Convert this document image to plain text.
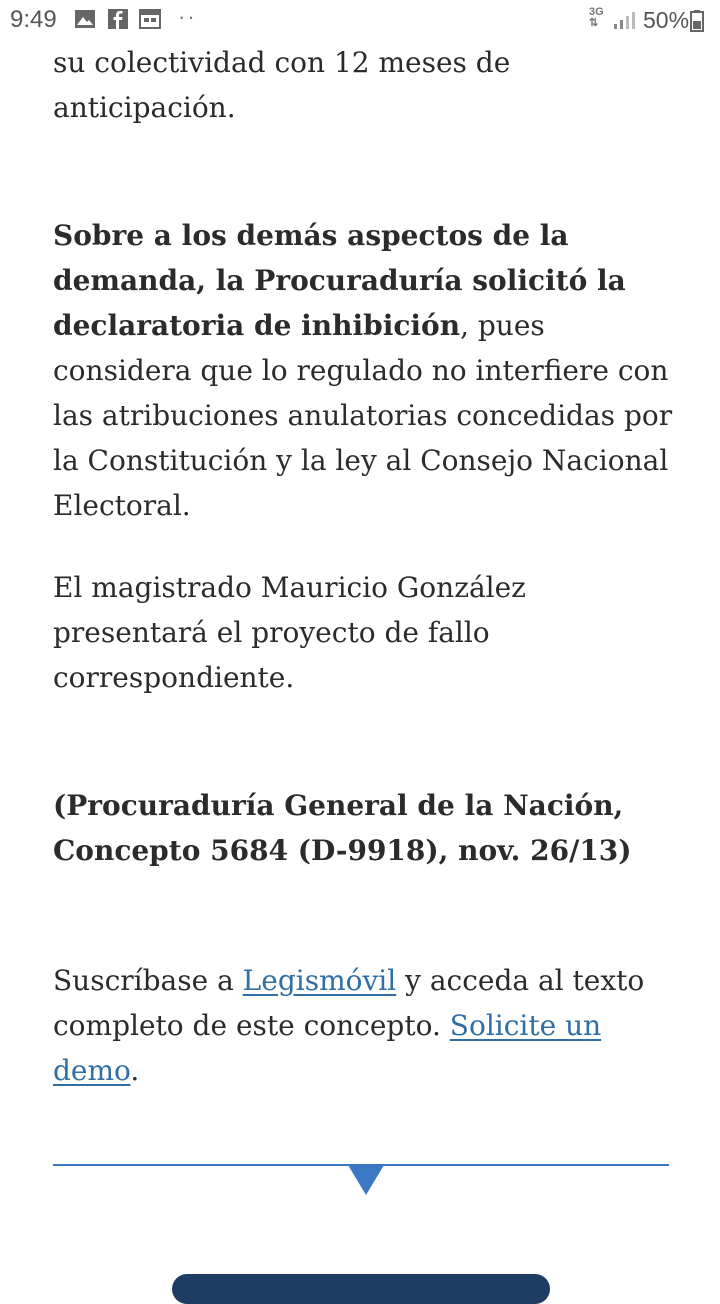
9:49	··	3G
⇅ 50%

su colectividad con 12 meses de anticipación.

Sobre a los demás aspectos de la demanda, la Procuraduría solicitó la declaratoria de inhibición, pues considera que lo regulado no interfiere con las atribuciones anulatorias concedidas por la Constitución y la ley al Consejo Nacional Electoral.

El magistrado Mauricio González presentará el proyecto de fallo correspondiente.

(Procuraduría General de la Nación, Concepto 5684 (D-9918), nov. 26/13)

Suscríbase a Legismóvil y acceda al texto completo de este concepto. Solicite un demo.
